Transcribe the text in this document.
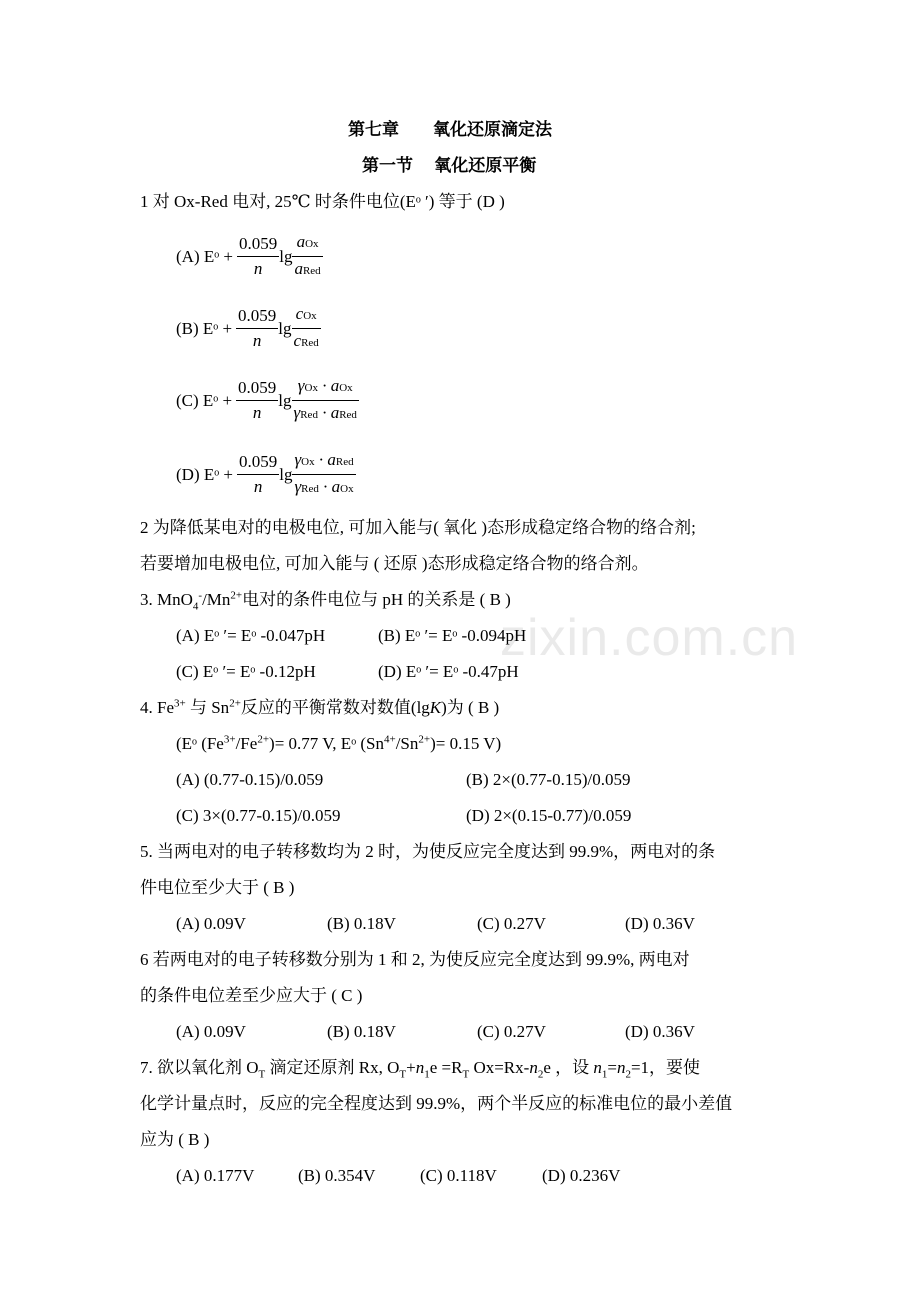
zixin.com.cn
第七章　　氧化还原滴定法
第一节　 氧化还原平衡
1 对 Ox-Red 电对, 25℃ 时条件电位(Eᵒ ′) 等于 (D )
(A) Eᵒ + $\frac{0.059}{n}$ $\lg \frac{\text{aOx}}{\text{aRed}}$
(B) Eᵒ + $\frac{0.059}{n}$ $\lg \frac{\text{cOx}}{\text{cRed}}$
(C) Eᵒ + $\frac{0.059}{n}$ $\lg \frac{\text{γOx · aOx}}{\text{γRed · aRed}}$
(D) Eᵒ + $\frac{0.059}{n}$ $\lg \frac{\text{γOx · aRed}}{\text{γRed · aOx}}$
2 为降低某电对的电极电位, 可加入能与( 氧化 )态形成稳定络合物的络合剂;
若要增加电极电位, 可加入能与 ( 还原 )态形成稳定络合物的络合剂。
3. $MnO_4^-/Mn^{2+}$电对的条件电位与 pH 的关系是 ( B )
(A) Eᵒ ′= Eᵒ -0.047pH	(B) Eᵒ ′= Eᵒ -0.094pH
(C) Eᵒ ′= Eᵒ -0.12pH	(D) Eᵒ ′= Eᵒ -0.47pH
4. $Fe^{3+}$ 与 $Sn^{2+}$反应的平衡常数对数值(lgK)为 ( B )
(Eᵒ $(Fe^{3+}/Fe^{2+})= 0.77$ V, Eᵒ $(Sn^{4+}/Sn^{2+})= 0.15$ V)
(A) (0.77-0.15)/0.059	(B) 2×(0.77-0.15)/0.059
(C) 3×(0.77-0.15)/0.059	(D) 2×(0.15-0.77)/0.059
5. 当两电对的电子转移数均为 2 时，为使反应完全度达到 99.9%，两电对的条
件电位至少大于 ( B )
(A) 0.09V	(B) 0.18V	(C) 0.27V	(D) 0.36V
6 若两电对的电子转移数分别为 1 和 2, 为使反应完全度达到 99.9%, 两电对
的条件电位差至少应大于 ( C )
(A) 0.09V	(B) 0.18V	(C) 0.27V	(D) 0.36V
7. 欲以氧化剂 $O_T$ 滴定还原剂 Rx, $O_T+n_1e =R_T$ $Ox=Rx-n_2e$ ，设 $n_1=n_2=1$，要使
化学计量点时，反应的完全程度达到 99.9%，两个半反应的标准电位的最小差值
应为 ( B )
(A) 0.177V	(B) 0.354V	(C) 0.118V	(D) 0.236V
